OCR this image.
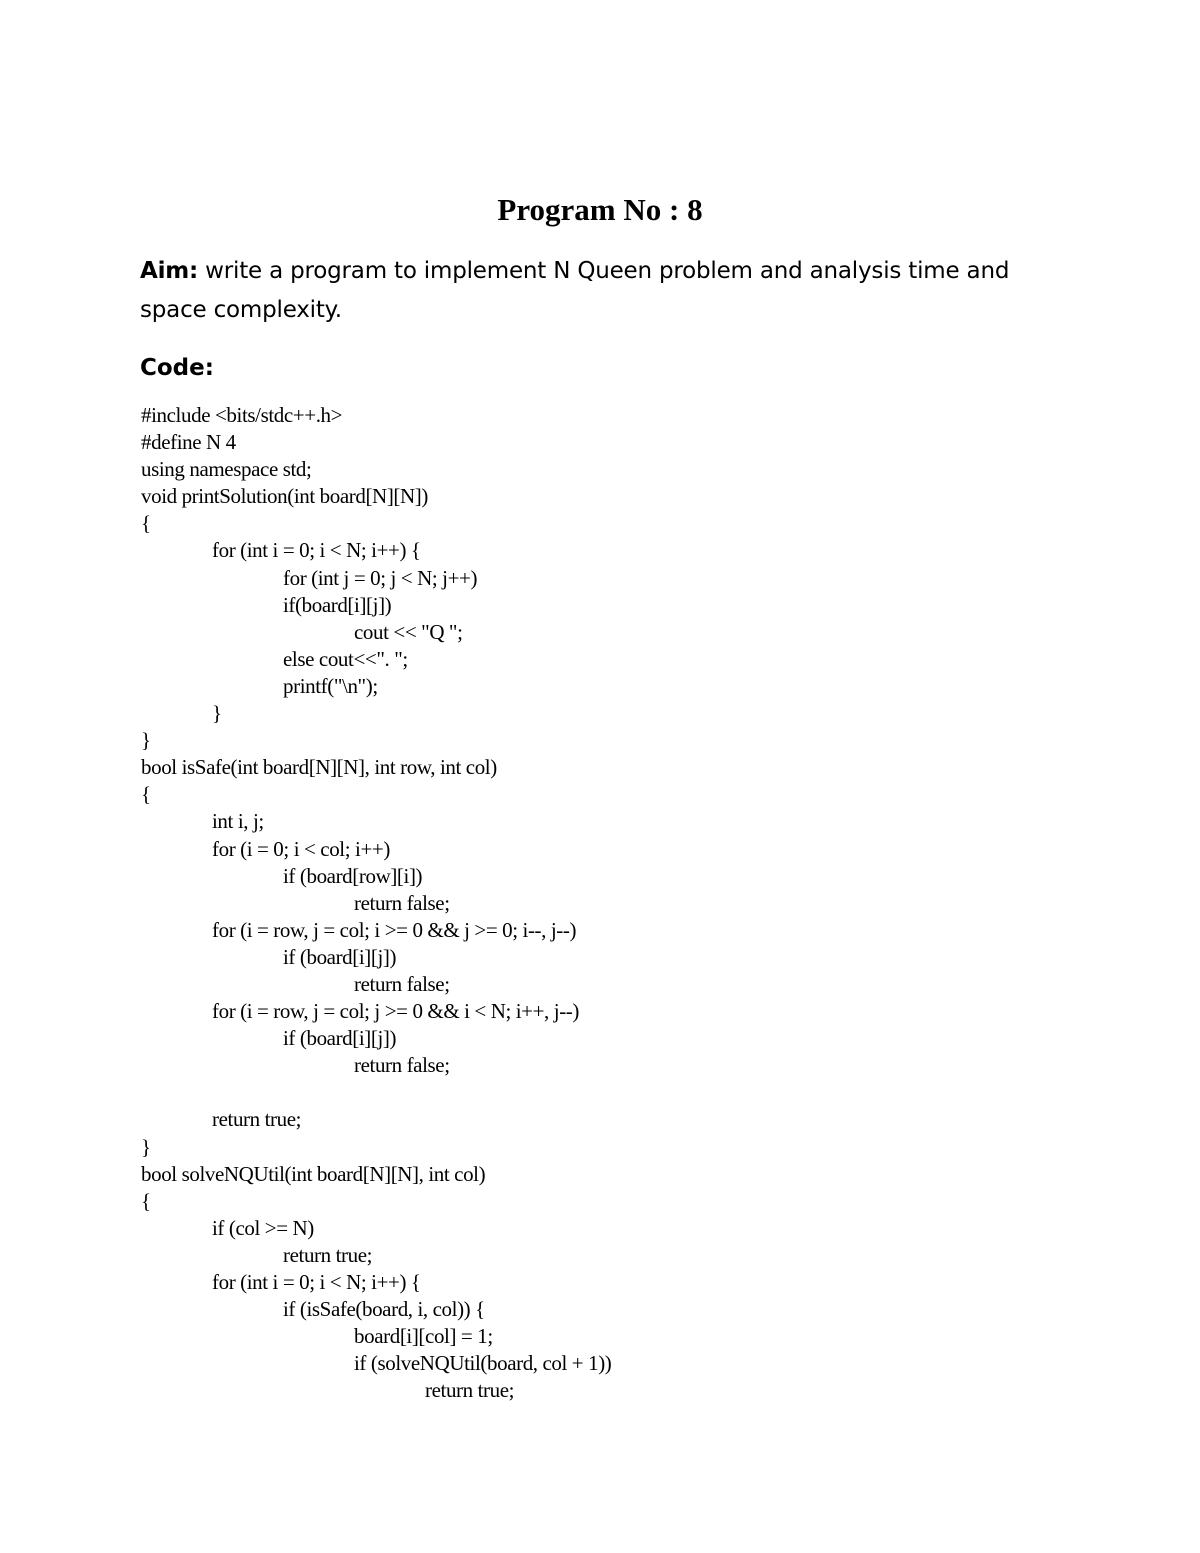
Program No : 8
Aim: write a program to implement N Queen problem and analysis time and
space complexity.
Code:
#include <bits/stdc++.h>
#define N 4
using namespace std;
void printSolution(int board[N][N])
{
for (int i = 0; i < N; i++) {
for (int j = 0; j < N; j++)
if(board[i][j])
cout << "Q ";
else cout<<". ";
printf("\n");
}
}
bool isSafe(int board[N][N], int row, int col)
{
int i, j;
for (i = 0; i < col; i++)
if (board[row][i])
return false;
for (i = row, j = col; i >= 0 && j >= 0; i--, j--)
if (board[i][j])
return false;
for (i = row, j = col; j >= 0 && i < N; i++, j--)
if (board[i][j])
return false;
return true;
}
bool solveNQUtil(int board[N][N], int col)
{
if (col >= N)
return true;
for (int i = 0; i < N; i++) {
if (isSafe(board, i, col)) {
board[i][col] = 1;
if (solveNQUtil(board, col + 1))
return true;
